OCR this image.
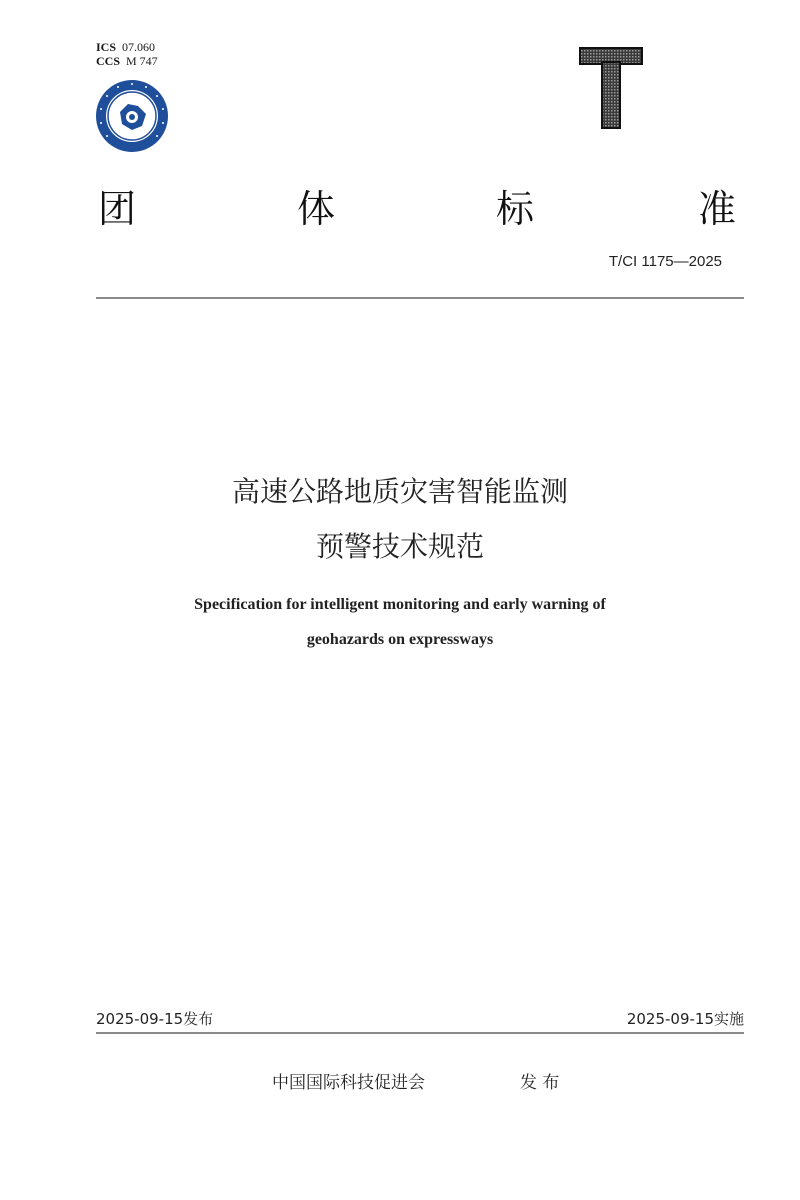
ICS 07.060
CCS M 747
团	体	标	准
T/CI 1175—2025
高速公路地质灾害智能监测
预警技术规范
Specification for intelligent monitoring and early warning of
geohazards on expressways
2025-09-15发布	2025-09-15实施
中国国际科技促进会	发 布
